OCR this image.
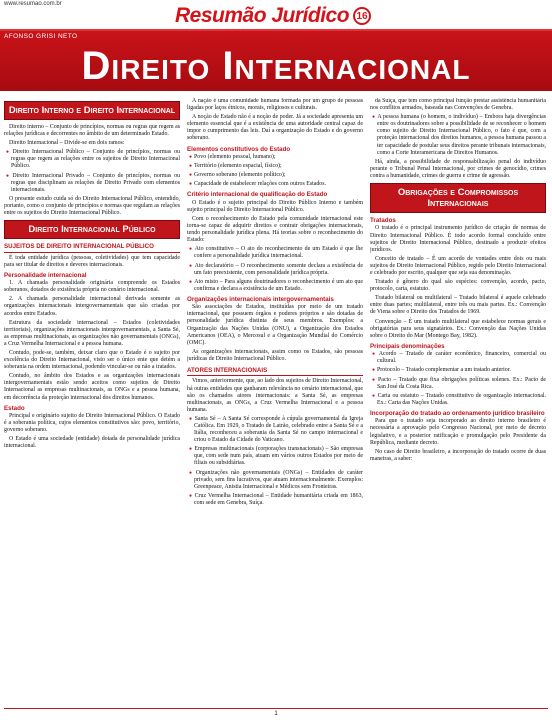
www.resumao.com.br	Resumão Jurídico 16
AFONSO GRISI NETO
Direito Internacional
Direito Interno e Direito Internacional

Direito interno – Conjunto de princípios, normas ou regras que regem as relações jurídicas e decorrentes no âmbito de um determinado Estado.

Direito Internacional – Divide-se em dois ramos:

● Direito Internacional Público – Conjunto de princípios, normas ou regras que regem as relações entre os sujeitos de Direito Internacional Público.
● Direito Internacional Privado – Conjunto de princípios, normas ou regras que disciplinam as relações de Direito Privado com elementos internacionais.

O presente estudo cuida só do Direito Internacional Público, entendido, portanto, como o conjunto de princípios e normas que regulam as relações entre os sujeitos do Direito Internacional Público.

Direito Internacional Público
SUJEITOS DE DIREITO INTERNACIONAL PÚBLICO

É toda entidade jurídica (pessoas, coletividades) que tem capacidade para ser titular de direitos e deveres internacionais.

Personalidade internacional

1. A chamada personalidade originária compreende os Estados soberanos, dotados de existência própria no cenário internacional.

2. A chamada personalidade internacional derivada somente as organizações internacionais intergovernamentais que são criadas por acordos entre Estados.

Estrutura da sociedade internacional – Estados (coletividades territoriais), organizações internacionais intergovernamentais, a Santa Sé, as empresas multinacionais, as organizações não governamentais (ONGs), a Cruz Vermelha Internacional e a pessoa humana.

Contudo, pode-se, também, deixar claro que o Estado é o sujeito por excelência do Direito Internacional, visto ser o único ente que detém a soberania na ordem internacional, podendo vincular-se ou não a tratados.

Contudo, no âmbito dos Estados e as organizações internacionais intergovernamentais estão sendo aceitos como sujeitos de Direito Internacional as empresas multinacionais, as ONGs e a pessoa humana, em decorrência da proteção internacional dos direitos humanos.

Estado

Principal e originário sujeito de Direito Internacional Público. O Estado é a soberania política, cujos elementos constitutivos são: povo, território, governo soberano.

O Estado é uma sociedade (entidade) dotada de personalidade jurídica internacional.

A nação é uma comunidade humana formada por um grupo de pessoas ligadas por laços étnicos, morais, religiosos e culturais.

A noção de Estado não é a noção de poder. Já a sociedade apresenta um elemento essencial que é a existência de uma autoridade central capaz de impor o cumprimento das leis. Daí a organização do Estado e do governo soberano.

Elementos constitutivos do Estado
● Povo (elemento pessoal, humano);
● Território (elemento espacial, físico);
● Governo soberano (elemento político);
● Capacidade de estabelecer relações com outros Estados.
Critério internacional de qualificação do Estado

O Estado é o sujeito principal do Direito Público Interno e também sujeito principal do Direito Internacional Público.

Com o reconhecimento do Estado pela comunidade internacional este torna-se capaz de adquirir direitos e contrair obrigações internacionais, tendo personalidade jurídica plena. Há teorias sobre o reconhecimento do Estado:

● Ato constitutivo – O ato do reconhecimento de um Estado é que lhe confere a personalidade jurídica internacional.
● Ato declaratório – O reconhecimento somente declara a existência de um fato preexistente, com personalidade jurídica própria.
● Ato misto – Para alguns doutrinadores o reconhecimento é um ato que confirma e declara a existência de um Estado.
Organizações internacionais intergovernamentais

São associações de Estados, instituídas por meio de um tratado internacional, que possuem órgãos e poderes próprios e são dotadas de personalidade jurídica distinta de seus membros. Exemplos: a Organização das Nações Unidas (ONU), a Organização dos Estados Americanos (OEA), o Mercosul e a Organização Mundial do Comércio (OMC).

As organizações internacionais, assim como os Estados, são pessoas jurídicas de Direito Internacional Público.

ATORES INTERNACIONAIS

Vimos, anteriormente, que, ao lado dos sujeitos de Direito Internacional, há outras entidades que ganharam relevância no cenário internacional, que são os chamados atores internacionais: a Santa Sé, as empresas multinacionais, as ONGs, a Cruz Vermelha Internacional e a pessoa humana.

● Santa Sé – A Santa Sé corresponde à cúpula governamental da Igreja Católica. Em 1929, o Tratado de Latrão, celebrado entre a Santa Sé e a Itália, reconheceu a soberania da Santa Sé no campo internacional e criou o Estado da Cidade do Vaticano.
● Empresas multinacionais (corporações transnacionais) – São empresas que, com sede num país, atuam em vários outros Estados por meio de filiais ou subsidiárias.
● Organizações não governamentais (ONGs) – Entidades de caráter privado, sem fins lucrativos, que atuam internacionalmente. Exemplos: Greenpeace, Anistia Internacional e Médicos sem Fronteiras.
● Cruz Vermelha Internacional – Entidade humanitária criada em 1863, com sede em Genebra, Suíça.

da Suíça, que tem como principal função prestar assistência humanitária nos conflitos armados, baseada nas Convenções de Genebra.

● A pessoa humana (o homem, o indivíduo) – Embora haja divergências entre os doutrinadores sobre a possibilidade de se reconhecer o homem como sujeito de Direito Internacional Público, o fato é que, com a proteção internacional dos direitos humanos, a pessoa humana passou a ter capacidade de postular seus direitos perante tribunais internacionais, como a Corte Interamericana de Direitos Humanos.

Há, ainda, a possibilidade de responsabilização penal do indivíduo perante o Tribunal Penal Internacional, por crimes de genocídio, crimes contra a humanidade, crimes de guerra e crime de agressão.

Obrigações e Compromissos Internacionais
Tratados

O tratado é o principal instrumento jurídico de criação de normas de Direito Internacional Público. É todo acordo formal concluído entre sujeitos de Direito Internacional Público, destinado a produzir efeitos jurídicos.

Conceito de tratado – É um acordo de vontades entre dois ou mais sujeitos de Direito Internacional Público, regido pelo Direito Internacional e celebrado por escrito, qualquer que seja sua denominação.

Tratado é gênero do qual são espécies: convenção, acordo, pacto, protocolo, carta, estatuto.

Tratado bilateral ou multilateral – Tratado bilateral é aquele celebrado entre duas partes; multilateral, entre três ou mais partes. Ex.: Convenção de Viena sobre o Direito dos Tratados de 1969.

Convenção – É um tratado multilateral que estabelece normas gerais e obrigatórias para seus signatários. Ex.: Convenção das Nações Unidas sobre o Direito do Mar (Montego Bay, 1982).

Principais denominações
● Acordo – Tratado de caráter econômico, financeiro, comercial ou cultural.
● Protocolo – Tratado complementar a um tratado anterior.
● Pacto – Tratado que fixa obrigações políticas solenes. Ex.: Pacto de San José da Costa Rica.
● Carta ou estatuto – Tratado constitutivo de organização internacional. Ex.: Carta das Nações Unidas.
Incorporação do tratado ao ordenamento jurídico brasileiro

Para que o tratado seja incorporado ao direito interno brasileiro é necessária a aprovação pelo Congresso Nacional, por meio de decreto legislativo, e a posterior ratificação e promulgação pelo Presidente da República, mediante decreto.

No caso de Direito brasileiro, a incorporação do tratado ocorre de duas maneiras, a saber:

1
